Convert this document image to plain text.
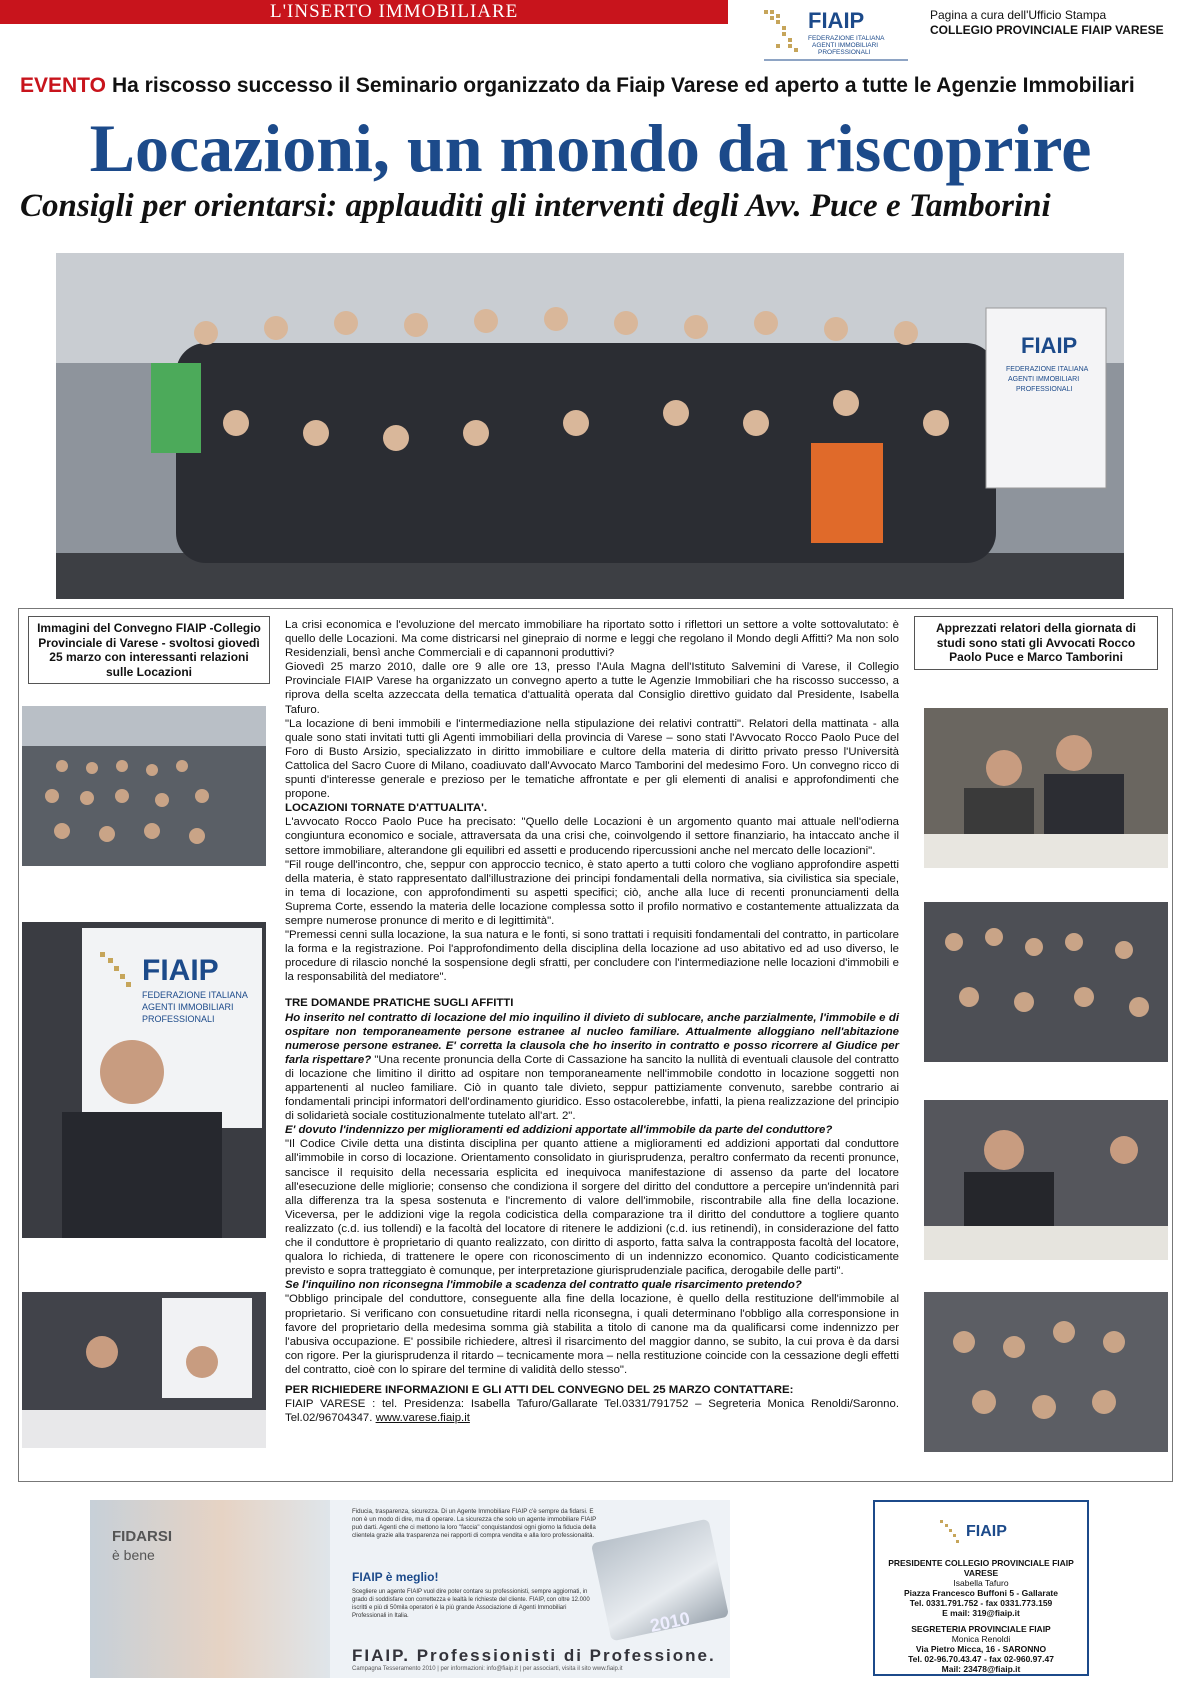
L'INSERTO IMMOBILIARE	FIAIP
FEDERAZIONE ITALIANA
AGENTI IMMOBILIARI
PROFESSIONALI
Pagina a cura dell'Ufficio Stampa
COLLEGIO PROVINCIALE FIAIP VARESE
EVENTO Ha riscosso successo il Seminario organizzato da Fiaip Varese ed aperto a tutte le Agenzie Immobiliari
Locazioni, un mondo da riscoprire
Consigli per orientarsi: applauditi gli interventi degli Avv. Puce e Tamborini
FIAIP
FEDERAZIONE ITALIANA
AGENTI IMMOBILIARI
PROFESSIONALI
Immagini del Convegno FIAIP -Collegio Provinciale di Varese - svoltosi giovedì 25 marzo con interessanti relazioni sulle Locazioni
FIAIP
FEDERAZIONE ITALIANA
AGENTI IMMOBILIARI
PROFESSIONALI
Apprezzati relatori della giornata di studi sono stati gli Avvocati Rocco Paolo Puce e Marco Tamborini

La crisi economica e l'evoluzione del mercato immobiliare ha riportato sotto i riflettori un settore a volte sottovalutato: è quello delle Locazioni. Ma come districarsi nel ginepraio di norme e leggi che regolano il Mondo degli Affitti? Ma non solo Residenziali, bensì anche Commerciali e di capannoni produttivi?

Giovedì 25 marzo 2010, dalle ore 9 alle ore 13, presso l'Aula Magna dell'Istituto Salvemini di Varese, il Collegio Provinciale FIAIP Varese ha organizzato un convegno aperto a tutte le Agenzie Immobiliari che ha riscosso successo, a riprova della scelta azzeccata della tematica d'attualità operata dal Consiglio direttivo guidato dal Presidente, Isabella Tafuro.

"La locazione di beni immobili e l'intermediazione nella stipulazione dei relativi contratti". Relatori della mattinata - alla quale sono stati invitati tutti gli Agenti immobiliari della provincia di Varese – sono stati l'Avvocato Rocco Paolo Puce del Foro di Busto Arsizio, specializzato in diritto immobiliare e cultore della materia di diritto privato presso l'Università Cattolica del Sacro Cuore di Milano, coadiuvato dall'Avvocato Marco Tamborini del medesimo Foro. Un convegno ricco di spunti d'interesse generale e prezioso per le tematiche affrontate e per gli elementi di analisi e approfondimenti che propone.

LOCAZIONI TORNATE D'ATTUALITA'.

L'avvocato Rocco Paolo Puce ha precisato: "Quello delle Locazioni è un argomento quanto mai attuale nell'odierna congiuntura economico e sociale, attraversata da una crisi che, coinvolgendo il settore finanziario, ha intaccato anche il settore immobiliare, alterandone gli equilibri ed assetti e producendo ripercussioni anche nel mercato delle locazioni".

"Fil rouge dell'incontro, che, seppur con approccio tecnico, è stato aperto a tutti coloro che vogliano approfondire aspetti della materia, è stato rappresentato dall'illustrazione dei principi fondamentali della normativa, sia civilistica sia speciale, in tema di locazione, con approfondimenti su aspetti specifici; ciò, anche alla luce di recenti pronunciamenti della Suprema Corte, essendo la materia delle locazione complessa sotto il profilo normativo e costantemente attualizzata da sempre numerose pronunce di merito e di legittimità".

"Premessi cenni sulla locazione, la sua natura e le fonti, si sono trattati i requisiti fondamentali del contratto, in particolare la forma e la registrazione. Poi l'approfondimento della disciplina della locazione ad uso abitativo ed ad uso diverso, le procedure di rilascio nonché la sospensione degli sfratti, per concludere con l'intermediazione nelle locazioni d'immobili e la responsabilità del mediatore".

TRE DOMANDE PRATICHE SUGLI AFFITTI

Ho inserito nel contratto di locazione del mio inquilino il divieto di sublocare, anche parzialmente, l'immobile e di ospitare non temporaneamente persone estranee al nucleo familiare. Attualmente alloggiano nell'abitazione numerose persone estranee. E' corretta la clausola che ho inserito in contratto e posso ricorrere al Giudice per farla rispettare? "Una recente pronuncia della Corte di Cassazione ha sancito la nullità di eventuali clausole del contratto di locazione che limitino il diritto ad ospitare non temporaneamente nell'immobile condotto in locazione soggetti non appartenenti al nucleo familiare. Ciò in quanto tale divieto, seppur pattiziamente convenuto, sarebbe contrario ai fondamentali principi informatori dell'ordinamento giuridico. Esso ostacolerebbe, infatti, la piena realizzazione del principio di solidarietà sociale costituzionalmente tutelato all'art. 2".

E' dovuto l'indennizzo per miglioramenti ed addizioni apportate all'immobile da parte del conduttore?

"Il Codice Civile detta una distinta disciplina per quanto attiene a miglioramenti ed addizioni apportati dal conduttore all'immobile in corso di locazione. Orientamento consolidato in giurisprudenza, peraltro confermato da recenti pronunce, sancisce il requisito della necessaria esplicita ed inequivoca manifestazione di assenso da parte del locatore all'esecuzione delle migliorie; consenso che condiziona il sorgere del diritto del conduttore a percepire un'indennità pari alla differenza tra la spesa sostenuta e l'incremento di valore dell'immobile, riscontrabile alla fine della locazione. Viceversa, per le addizioni vige la regola codicistica della comparazione tra il diritto del conduttore a togliere quanto realizzato (c.d. ius tollendi) e la facoltà del locatore di ritenere le addizioni (c.d. ius retinendi), in considerazione del fatto che il conduttore è proprietario di quanto realizzato, con diritto di asporto, fatta salva la contrapposta facoltà del locatore, qualora lo richieda, di trattenere le opere con riconoscimento di un indennizzo economico. Quanto codicisticamente previsto e sopra tratteggiato è comunque, per interpretazione giurisprudenziale pacifica, derogabile delle parti".

Se l'inquilino non riconsegna l'immobile a scadenza del contratto quale risarcimento pretendo?

"Obbligo principale del conduttore, conseguente alla fine della locazione, è quello della restituzione dell'immobile al proprietario. Si verificano con consuetudine ritardi nella riconsegna, i quali determinano l'obbligo alla corresponsione in favore del proprietario della medesima somma già stabilita a titolo di canone ma da qualificarsi come indennizzo per l'abusiva occupazione. E' possibile richiedere, altresì il risarcimento del maggior danno, se subito, la cui prova è da darsi con rigore. Per la giurisprudenza il ritardo – tecnicamente mora – nella restituzione coincide con la cessazione degli effetti del contratto, cioè con lo spirare del termine di validità dello stesso".

PER RICHIEDERE INFORMAZIONI E GLI ATTI DEL CONVEGNO DEL 25 MARZO CONTATTARE:

FIAIP VARESE : tel. Presidenza: Isabella Tafuro/Gallarate Tel.0331/791752 – Segreteria Monica Renoldi/Saronno. Tel.02/96704347. www.varese.fiaip.it

FIDARSI
è bene
Fiducia, trasparenza, sicurezza. Di un Agente Immobiliare FIAIP c'è sempre da fidarsi. E non è un modo di dire, ma di operare. La sicurezza che solo un agente immobiliare FIAIP può darti. Agenti che ci mettono la loro "faccia" conquistandosi ogni giorno la fiducia della clientela grazie alla trasparenza nei rapporti di compra vendita e alla loro professionalità.
FIAIP è meglio!
Scegliere un agente FIAIP vuol dire poter contare su professionisti, sempre aggiornati, in grado di soddisfare con correttezza e lealtà le richieste del cliente. FIAIP, con oltre 12.000 iscritti e più di 50mila operatori è la più grande Associazione di Agenti Immobiliari Professionali in Italia.	2010
FIAIP. Professionisti di Professione.
Campagna Tesseramento 2010 | per informazioni: info@fiaip.it | per associarti, visita il sito www.fiaip.it
FIAIP
PRESIDENTE COLLEGIO PROVINCIALE FIAIP VARESE
Isabella Tafuro
Piazza Francesco Buffoni 5 - Gallarate
Tel. 0331.791.752 - fax 0331.773.159
E mail: 319@fiaip.it
SEGRETERIA PROVINCIALE FIAIP
Monica Renoldi
Via Pietro Micca, 16 - SARONNO
Tel. 02-96.70.43.47 - fax 02-960.97.47
Mail: 23478@fiaip.it
